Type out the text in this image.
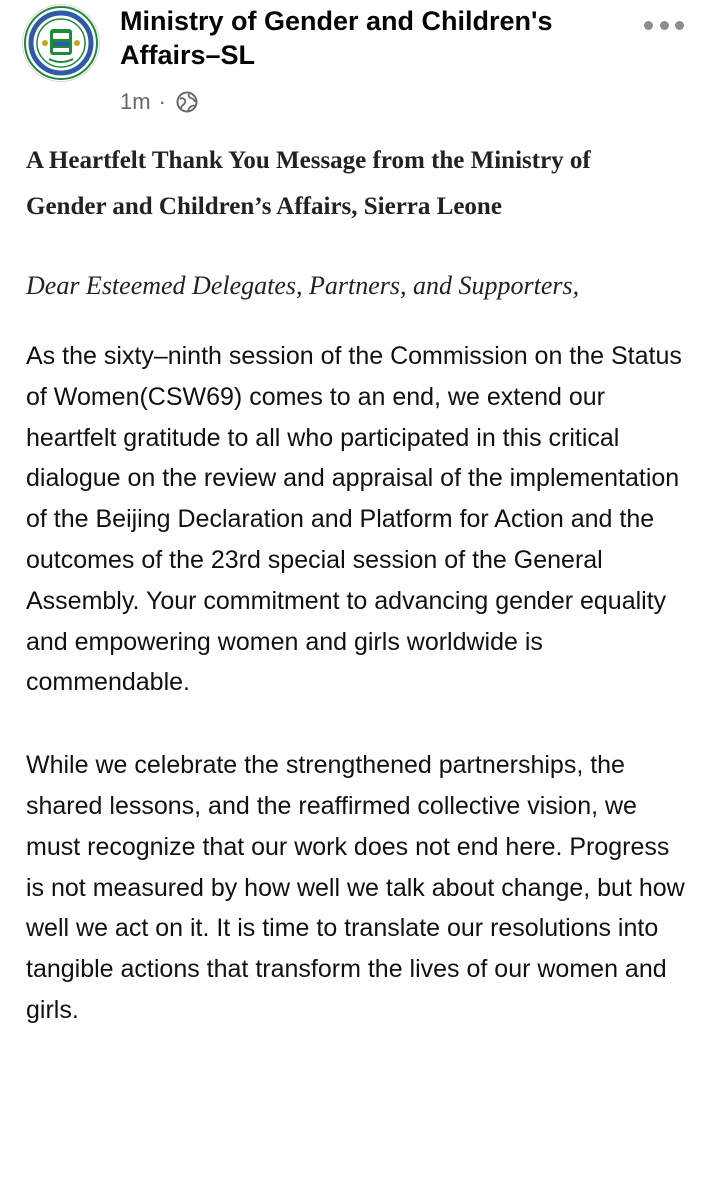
Ministry of Gender and Children's Affairs–SL
1m ·

A Heartfelt Thank You Message from the Ministry of Gender and Children’s Affairs, Sierra Leone

Dear Esteemed Delegates, Partners, and Supporters,

As the sixty–ninth session of the Commission on the Status of Women(CSW69) comes to an end, we extend our heartfelt gratitude to all who participated in this critical dialogue on the review and appraisal of the implementation of the Beijing Declaration and Platform for Action and the outcomes of the 23rd special session of the General Assembly. Your commitment to advancing gender equality and empowering women and girls worldwide is commendable.

While we celebrate the strengthened partnerships, the shared lessons, and the reaffirmed collective vision, we must recognize that our work does not end here. Progress is not measured by how well we talk about change, but how well we act on it. It is time to translate our resolutions into tangible actions that transform the lives of our women and girls.
